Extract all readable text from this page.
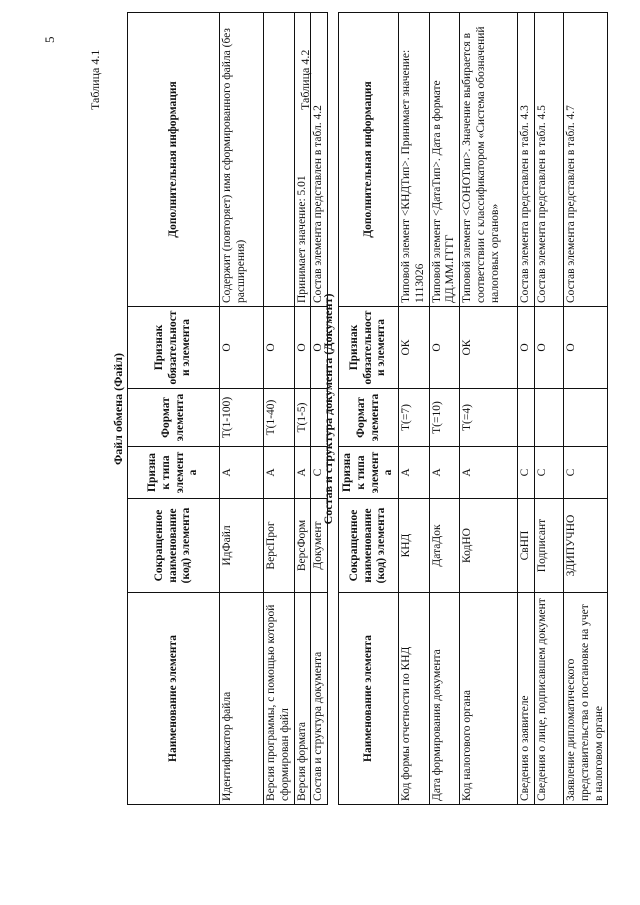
5
Таблица 4.1
Файл обмена (Файл)
Наименование элемента	Сокращенное наименование (код) элемента	Признак типа элемента	Формат элемента	Признак обязательности элемента	Дополнительная информация
Идентификатор файла	ИдФайл	А	T(1-100)	О	Содержит (повторяет) имя сформированного файла (без расширения)
Версия программы, с помощью которой сформирован файл	ВерсПрог	А	T(1-40)	О	
Версия формата	ВерсФорм	А	T(1-5)	О	Принимает значение: 5.01
Состав и структура документа	Документ	С		О	Состав элемента представлен в табл. 4.2
Таблица 4.2
Состав и структура документа (Документ)
Наименование элемента	Сокращенное наименование (код) элемента	Признак типа элемента	Формат элемента	Признак обязательности элемента	Дополнительная информация
Код формы отчетности по КНД	КНД	А	T(=7)	ОК	Типовой элемент <КНДТип>. Принимает значение: 1113026
Дата формирования документа	ДатаДок	А	T(=10)	О	Типовой элемент <ДатаТип>. Дата в формате ДД.ММ.ГГГГ
Код налогового органа	КодНО	А	T(=4)	ОК	Типовой элемент <СОНОТип>. Значение выбирается в соответствии с классификатором «Система обозначений налоговых органов»
Сведения о заявителе	СвНП	С		О	Состав элемента представлен в табл. 4.3
Сведения о лице, подписавшем документ	Подписант	С		О	Состав элемента представлен в табл. 4.5
Заявление дипломатического представительства о постановке на учет в налоговом органе	ЗДИПУЧНО	С		О	Состав элемента представлен в табл. 4.7
